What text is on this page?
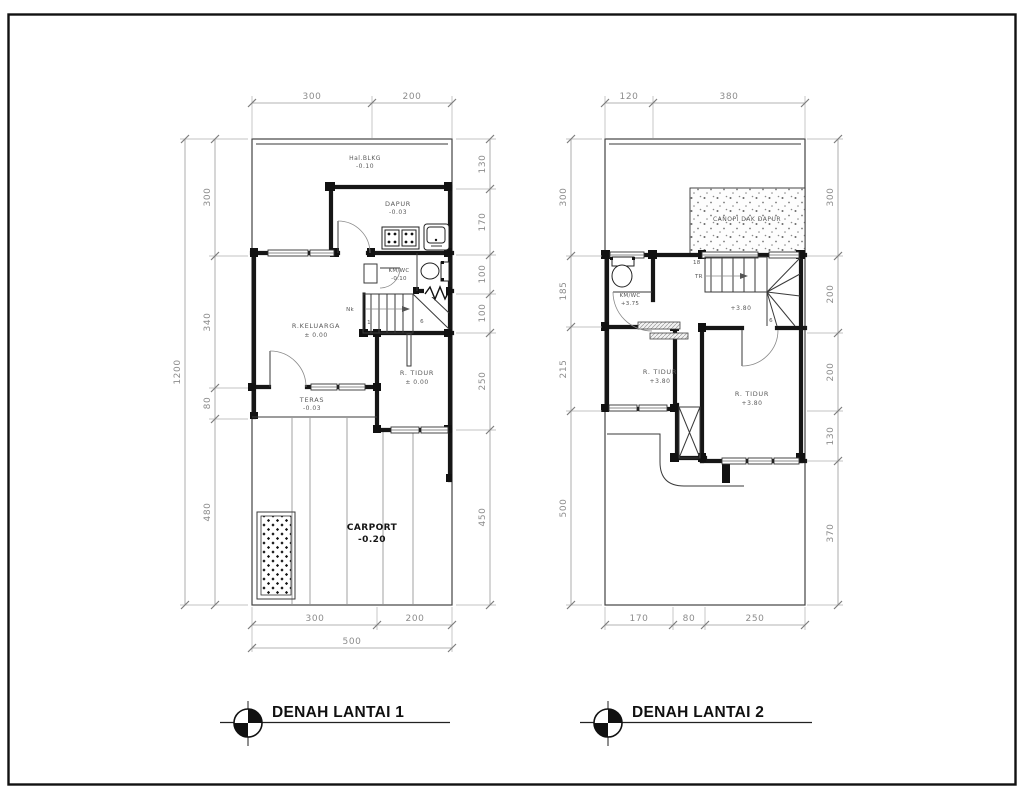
Hal.BLKG
-0.10
DAPUR
-0.03
KM/WC
-0.10
R.KELUARGA
± 0.00
R. TIDUR
± 0.00
TERAS
-0.03
CARPORT
-0.20
Nk
1	6
300	200
1200
300
340
80
480
130
170
100
100
250
450
300	200
500
CANOPI DAK DAPUR
18
TR
6
KM/WC
+3.75
+3.80
R. TIDUR
+3.80
R. TIDUR
+3.80
120	380
300
185
215
500
300
200
200
130
370
170	80	250
DENAH LANTAI 1	DENAH LANTAI 2
